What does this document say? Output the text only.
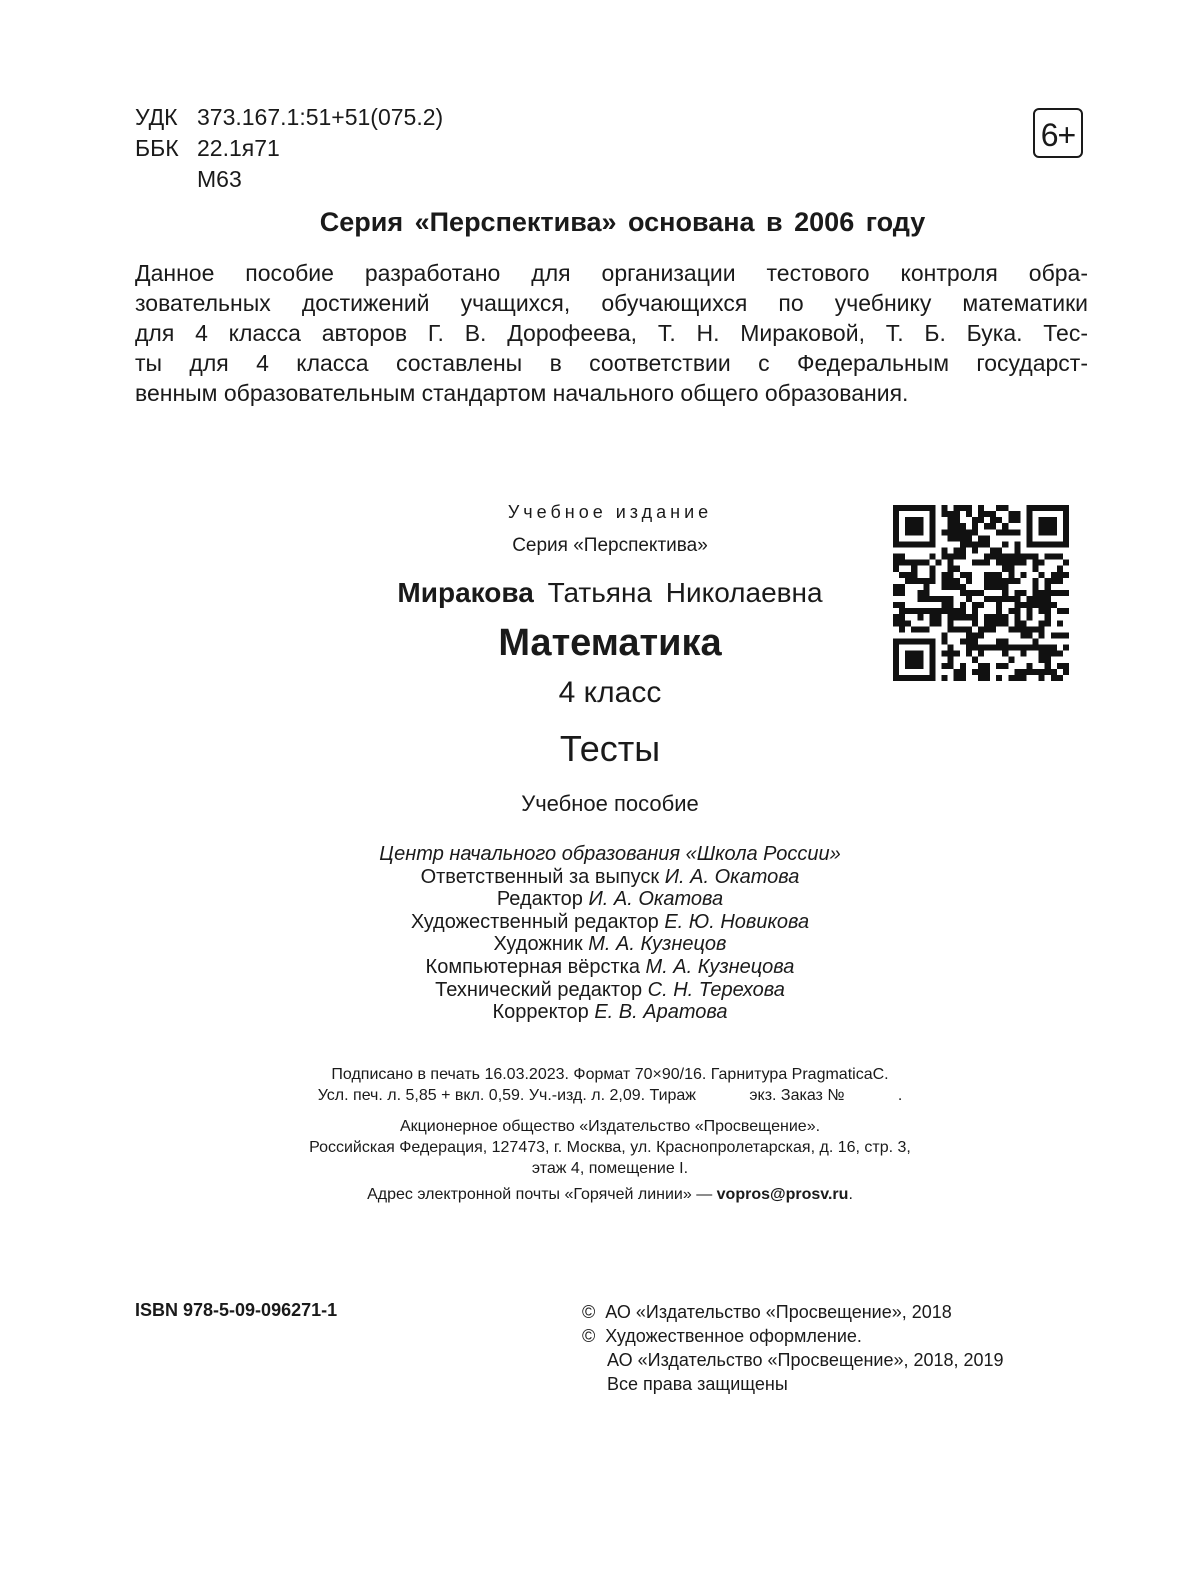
УДК 373.167.1:51+51(075.2)
ББК 22.1я71
М63
6+
Серия «Перспектива» основана в 2006 году

Данное пособие разработано для организации тестового контроля обра-

зовательных достижений учащихся, обучающихся по учебнику математики

для 4 класса авторов Г. В. Дорофеева, Т. Н. Мираковой, Т. Б. Бука. Тес-

ты для 4 класса составлены в соответствии с Федеральным государст-

венным образовательным стандартом начального общего образования.

Учебное издание
Серия «Перспектива»
Миракова Татьяна Николаевна
Математика
4 класс
Тесты
Учебное пособие
Центр начального образования «Школа России»
Ответственный за выпуск И. А. Окатова
Редактор И. А. Окатова
Художественный редактор Е. Ю. Новикова
Художник М. А. Кузнецов
Компьютерная вёрстка М. А. Кузнецова
Технический редактор С. Н. Терехова
Корректор Е. В. Аратова
Подписано в печать 16.03.2023. Формат 70×90/16. Гарнитура PragmaticaC.
Усл. печ. л. 5,85 + вкл. 0,59. Уч.-изд. л. 2,09. Тираж            экз. Заказ №            .
Акционерное общество «Издательство «Просвещение».
Российская Федерация, 127473, г. Москва, ул. Краснопролетарская, д. 16, стр. 3,
этаж 4, помещение I.
Адрес электронной почты «Горячей линии» — vopros@prosv.ru.
ISBN 978-5-09-096271-1	©  АО «Издательство «Просвещение», 2018
©  Художественное оформление.
АО «Издательство «Просвещение», 2018, 2019
Все права защищены
